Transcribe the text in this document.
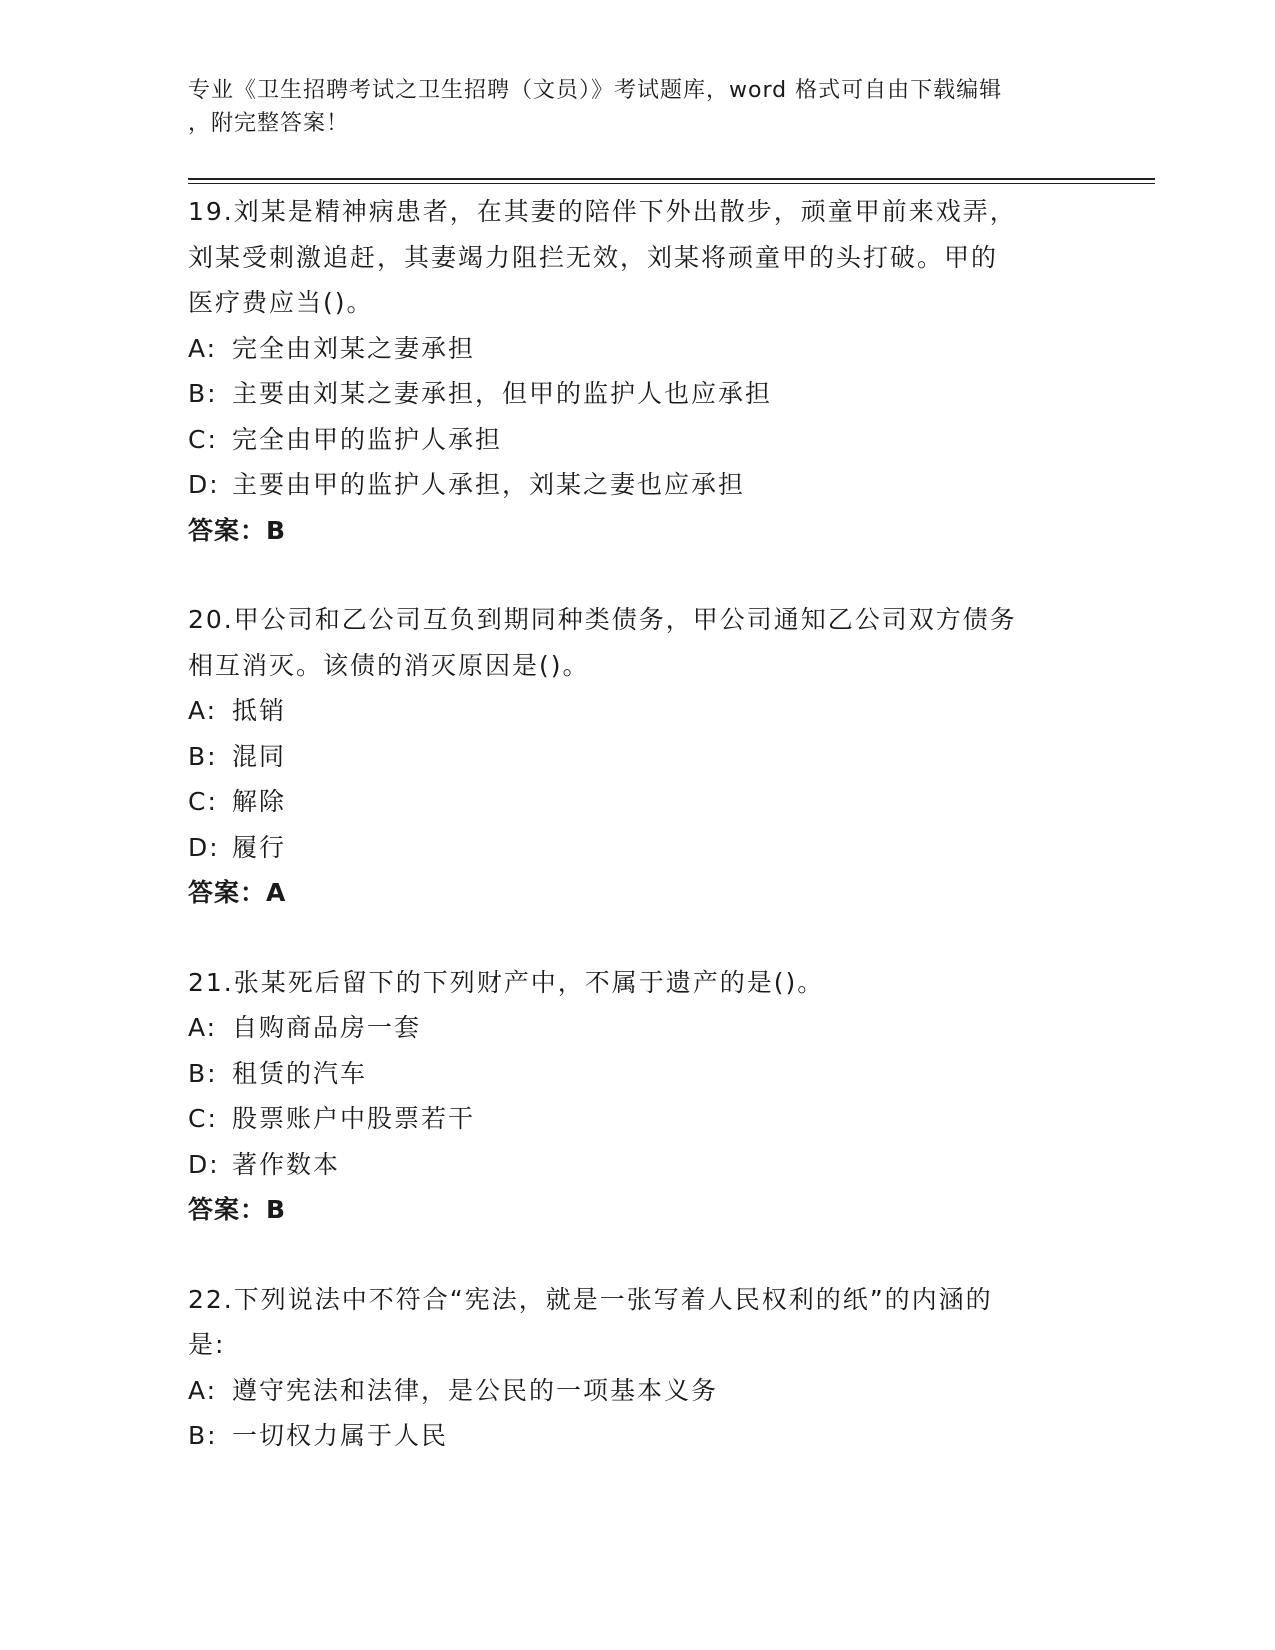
专业《卫生招聘考试之卫生招聘（文员）》考试题库，word 格式可自由下载编辑
，附完整答案！
19.刘某是精神病患者，在其妻的陪伴下外出散步，顽童甲前来戏弄，
刘某受刺激追赶，其妻竭力阻拦无效，刘某将顽童甲的头打破。甲的
医疗费应当()。
A: 完全由刘某之妻承担
B: 主要由刘某之妻承担，但甲的监护人也应承担
C: 完全由甲的监护人承担
D: 主要由甲的监护人承担，刘某之妻也应承担
答案：B
20.甲公司和乙公司互负到期同种类债务，甲公司通知乙公司双方债务
相互消灭。该债的消灭原因是()。
A: 抵销
B: 混同
C: 解除
D: 履行
答案：A
21.张某死后留下的下列财产中，不属于遗产的是()。
A: 自购商品房一套
B: 租赁的汽车
C: 股票账户中股票若干
D: 著作数本
答案：B
22.下列说法中不符合“宪法，就是一张写着人民权利的纸”的内涵的
是:
A: 遵守宪法和法律，是公民的一项基本义务
B: 一切权力属于人民
